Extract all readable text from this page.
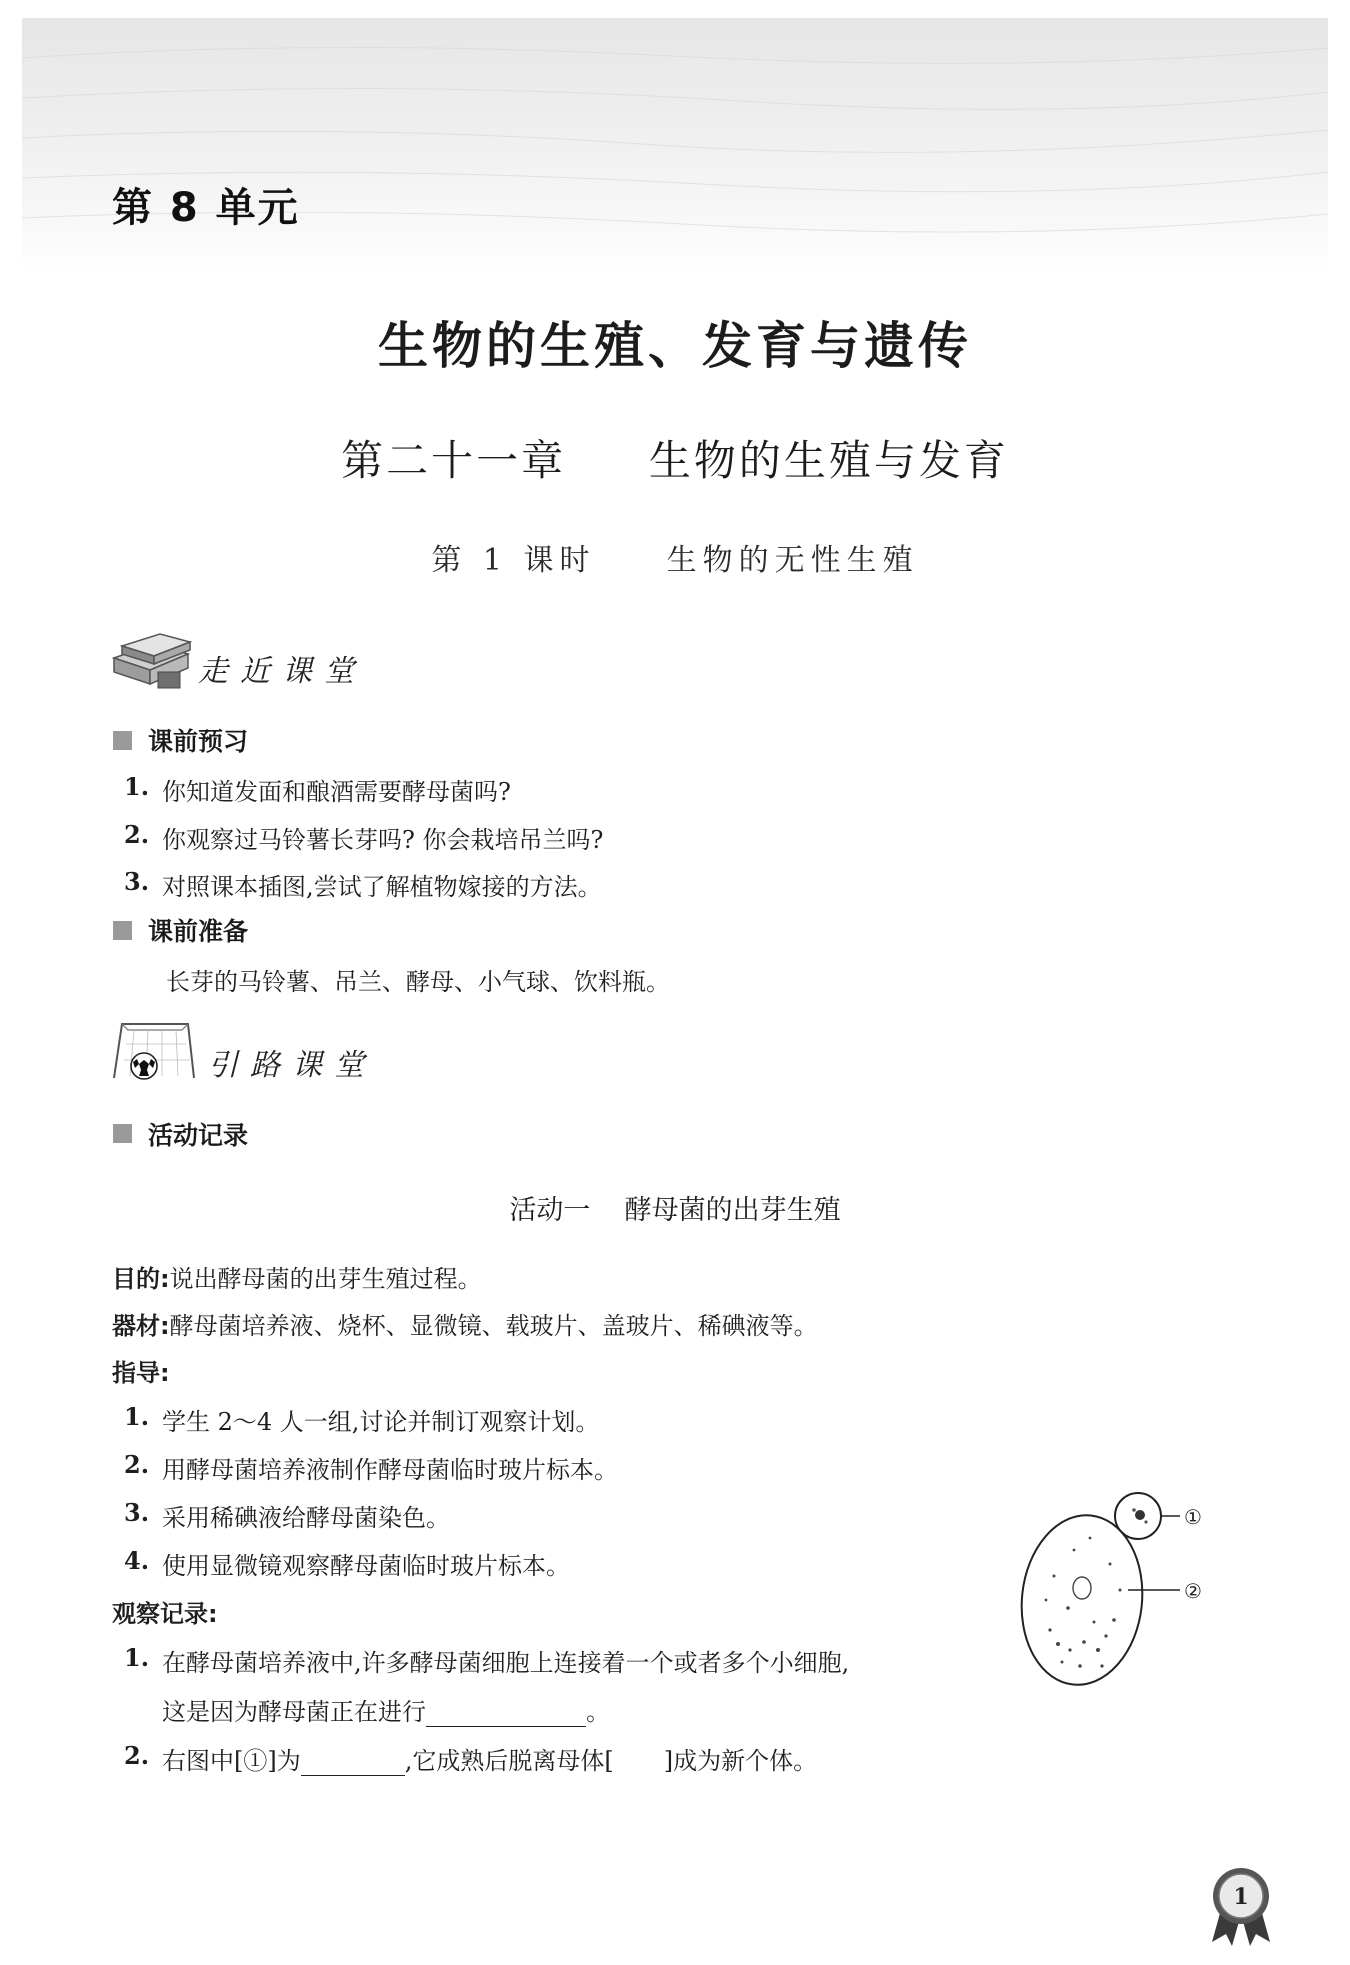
第 8 单元
生物的生殖、发育与遗传
第二十一章 生物的生殖与发育
第 1 课时 生物的无性生殖
走近课堂
课前预习
1. 你知道发面和酿酒需要酵母菌吗?
2. 你观察过马铃薯长芽吗? 你会栽培吊兰吗?
3. 对照课本插图,尝试了解植物嫁接的方法。
课前准备
长芽的马铃薯、吊兰、酵母、小气球、饮料瓶。
引路课堂
活动记录
活动一    酵母菌的出芽生殖
目的:说出酵母菌的出芽生殖过程。
器材:酵母菌培养液、烧杯、显微镜、载玻片、盖玻片、稀碘液等。
指导:
1. 学生 2～4 人一组,讨论并制订观察计划。
2. 用酵母菌培养液制作酵母菌临时玻片标本。
3. 采用稀碘液给酵母菌染色。
4. 使用显微镜观察酵母菌临时玻片标本。
观察记录:
1. 在酵母菌培养液中,许多酵母菌细胞上连接着一个或者多个小细胞,
这是因为酵母菌正在进行	。
2. 右图中[①]为	,它成熟后脱离母体[ ]成为新个体。
①
②
1
